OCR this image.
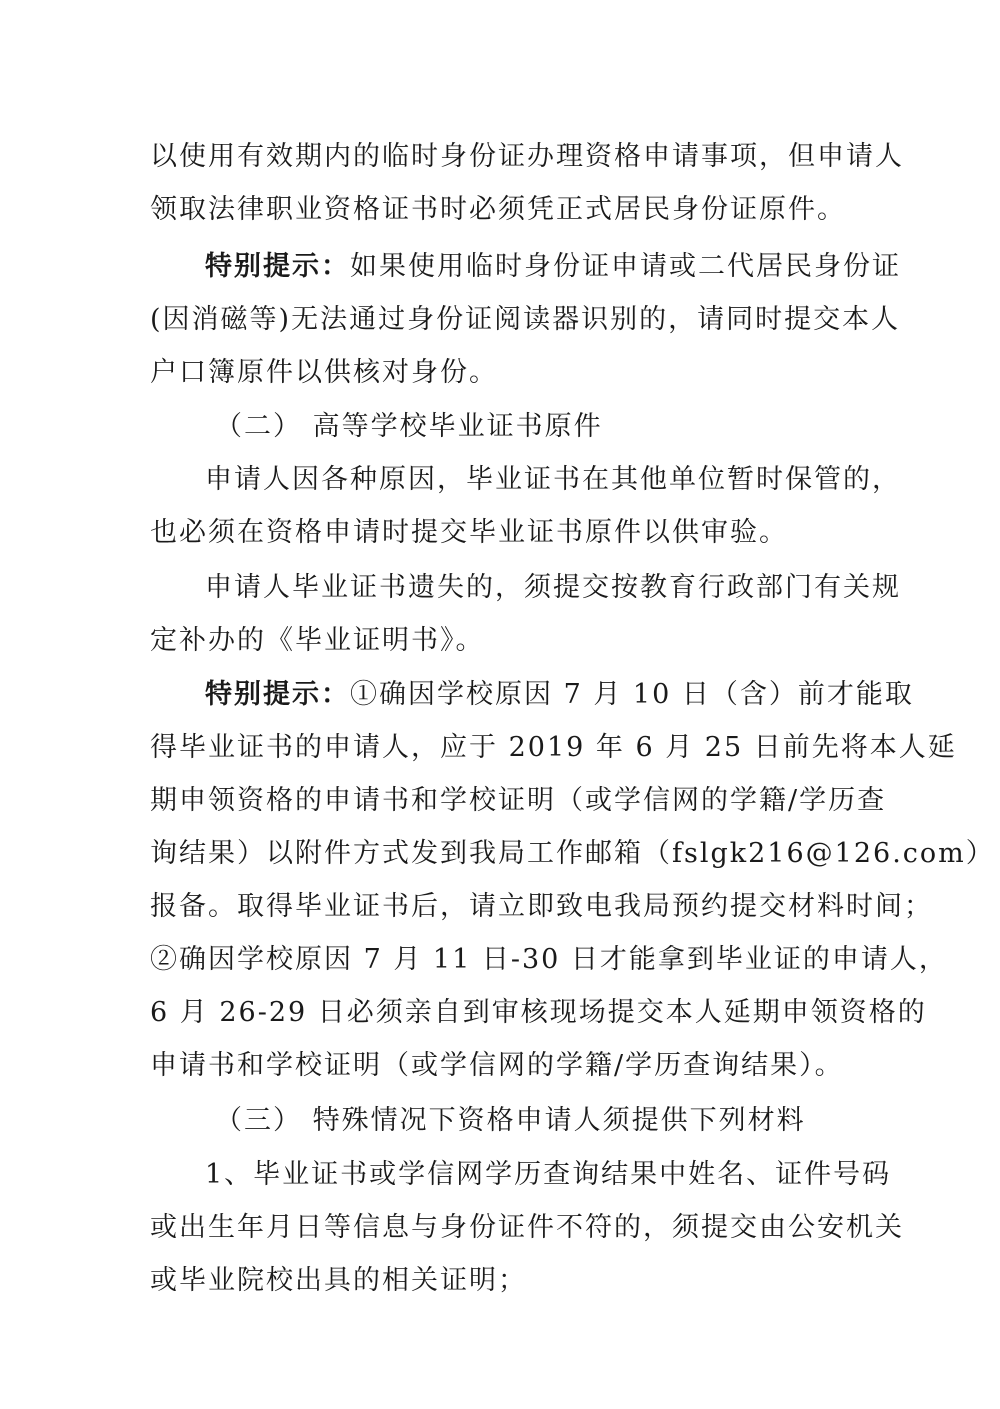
以使用有效期内的临时身份证办理资格申请事项，但申请人
领取法律职业资格证书时必须凭正式居民身份证原件。
特别提示：如果使用临时身份证申请或二代居民身份证
(因消磁等)无法通过身份证阅读器识别的，请同时提交本人
户口簿原件以供核对身份。
（二） 高等学校毕业证书原件
申请人因各种原因，毕业证书在其他单位暂时保管的，
也必须在资格申请时提交毕业证书原件以供审验。
申请人毕业证书遗失的，须提交按教育行政部门有关规
定补办的《毕业证明书》。
特别提示：①确因学校原因 7 月 10 日（含）前才能取
得毕业证书的申请人，应于 2019 年 6 月 25 日前先将本人延
期申领资格的申请书和学校证明（或学信网的学籍/学历查
询结果）以附件方式发到我局工作邮箱（fslgk216@126.com）
报备。取得毕业证书后，请立即致电我局预约提交材料时间；
②确因学校原因 7 月 11 日-30 日才能拿到毕业证的申请人，
6 月 26-29 日必须亲自到审核现场提交本人延期申领资格的
申请书和学校证明（或学信网的学籍/学历查询结果）。
（三） 特殊情况下资格申请人须提供下列材料
1、毕业证书或学信网学历查询结果中姓名、证件号码
或出生年月日等信息与身份证件不符的，须提交由公安机关
或毕业院校出具的相关证明；
